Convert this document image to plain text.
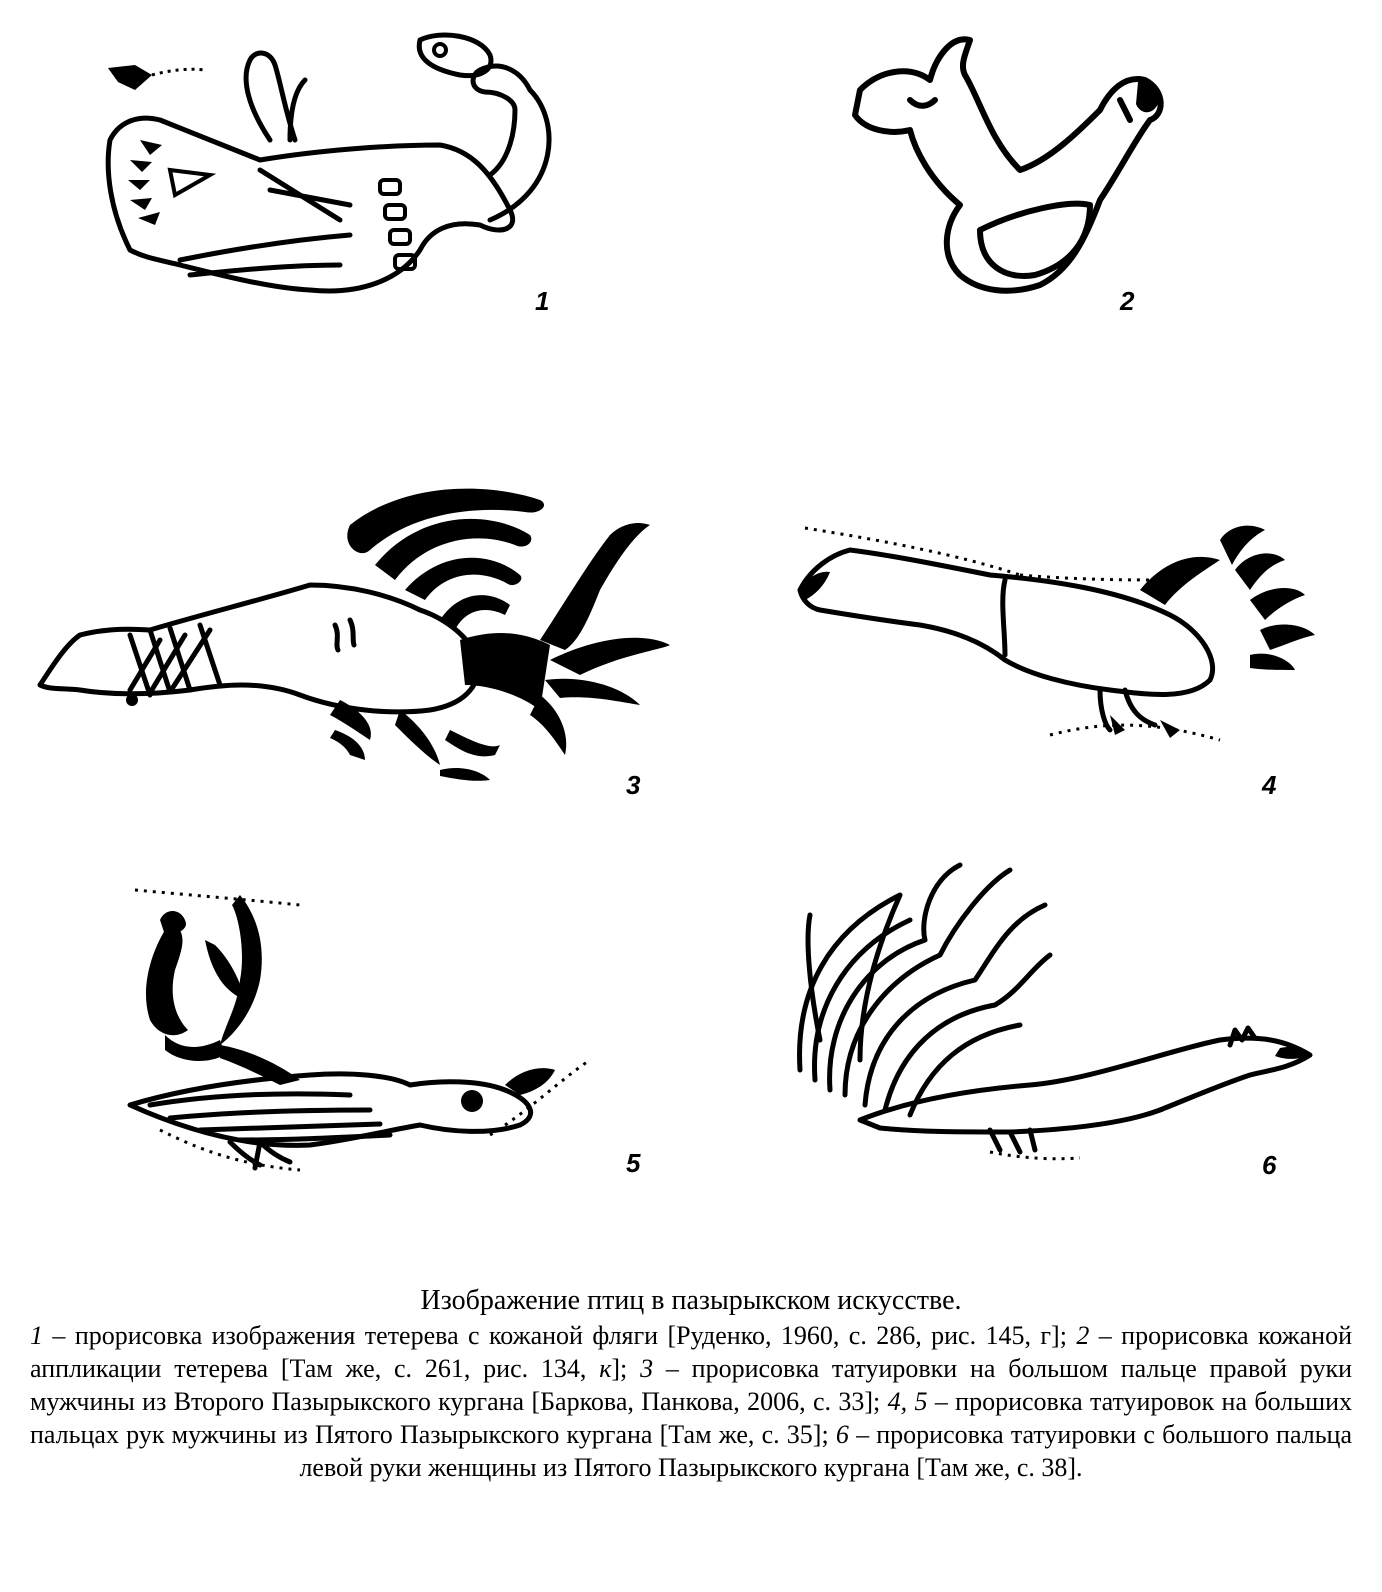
1	2
3	4
5	6
Изображение птиц в пазырыкском искусстве.
1 – прорисовка изображения тетерева с кожаной фляги [Руденко, 1960, с. 286, рис. 145, г]; 2 – прорисовка кожаной аппликации тетерева [Там же, с. 261, рис. 134, к]; 3 – прорисовка татуировки на большом пальце правой руки мужчины из Второго Пазырыкского кургана [Баркова, Панкова, 2006, с. 33]; 4, 5 – прорисовка татуировок на больших пальцах рук мужчины из Пятого Пазырыкского кургана [Там же, с. 35]; 6 – прорисовка татуировки с большого пальца левой руки женщины из Пятого Пазырыкского кургана [Там же, с. 38].
